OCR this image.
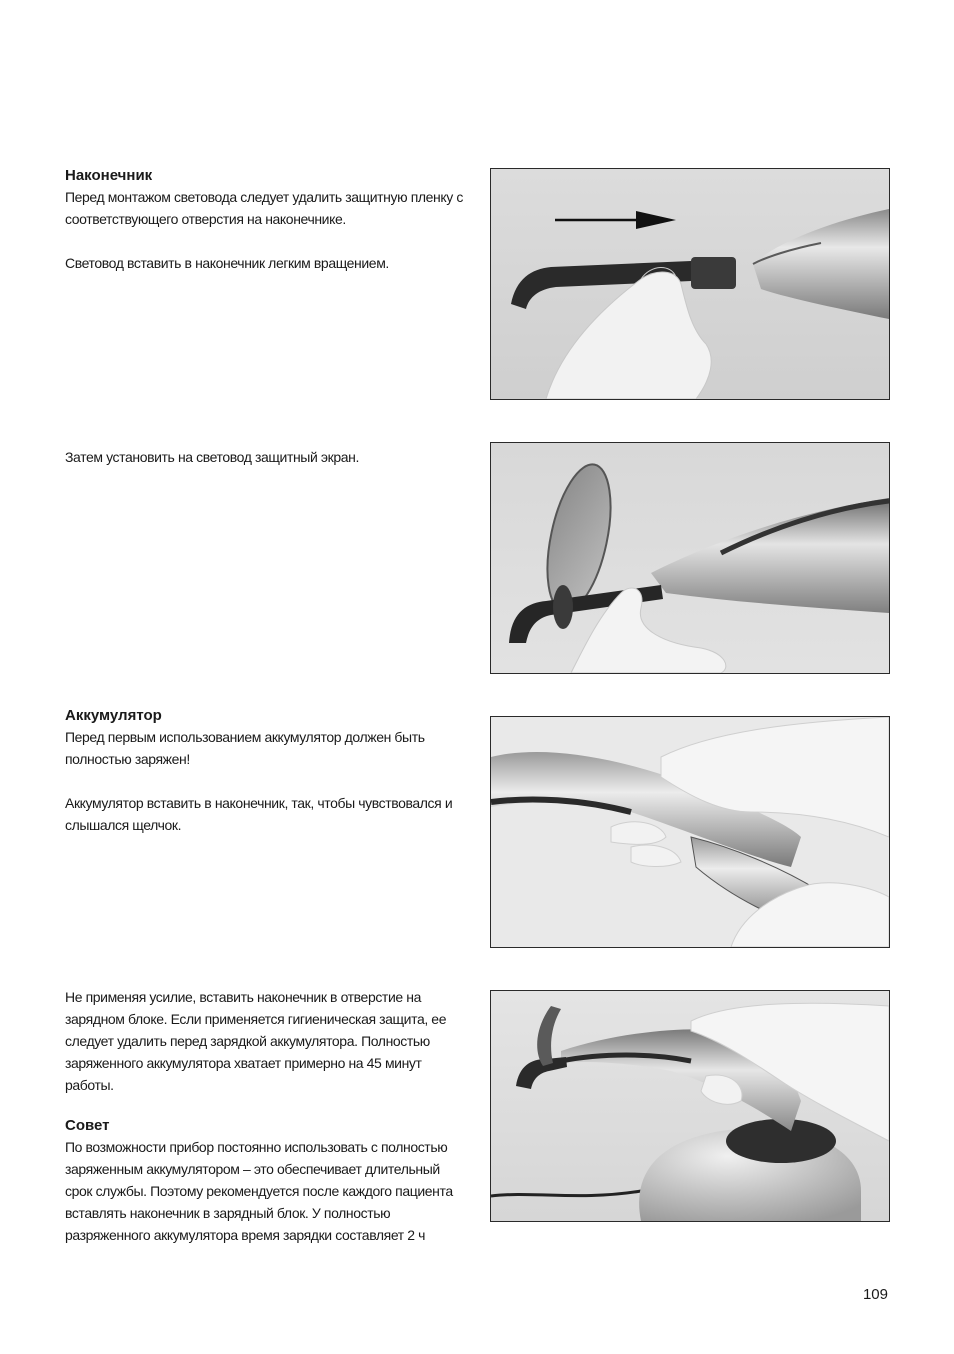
Наконечник

Перед монтажом световода следует удалить защитную пленку с соответствующего отверстия на наконечнике.

Световод вставить в наконечник легким вращением.

Затем установить на световод защитный экран.

Аккумулятор

Перед первым использованием аккумулятор должен быть полностью заряжен!

Аккумулятор вставить в наконечник, так, чтобы чувствовался и слышался щелчок.

Не применяя усилие, вставить наконечник в отверстие на зарядном блоке. Если применяется гигиеническая защита, ее следует удалить перед зарядкой аккумулятора. Полностью заряженного аккумулятора хватает примерно на 45 минут работы.

Совет

По возможности прибор постоянно использовать с полностью заряженным аккумулятором – это обеспечивает длительный срок службы. Поэтому рекомендуется после каждого пациента вставлять наконечник в зарядный блок. У полностью разряженного аккумулятора время зарядки составляет 2 ч

109
